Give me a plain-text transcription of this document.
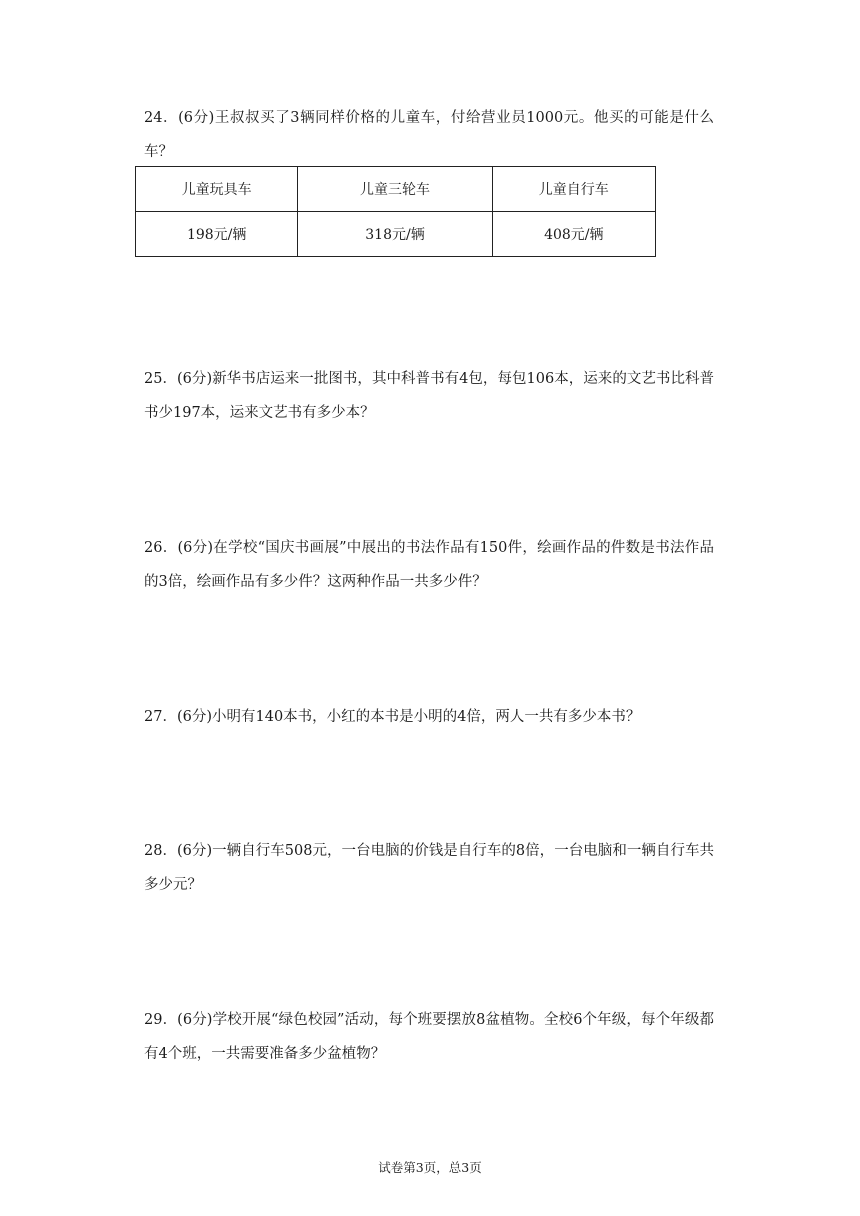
24．(6分)王叔叔买了3辆同样价格的儿童车，付给营业员1000元。他买的可能是什么车？
儿童玩具车	儿童三轮车	儿童自行车
198元/辆	318元/辆	408元/辆
25．(6分)新华书店运来一批图书，其中科普书有4包，每包106本，运来的文艺书比科普书少197本，运来文艺书有多少本？
26．(6分)在学校“国庆书画展”中展出的书法作品有150件，绘画作品的件数是书法作品的3倍，绘画作品有多少件？这两种作品一共多少件？
27．(6分)小明有140本书，小红的本书是小明的4倍，两人一共有多少本书？
28．(6分)一辆自行车508元，一台电脑的价钱是自行车的8倍，一台电脑和一辆自行车共多少元？
29．(6分)学校开展“绿色校园”活动，每个班要摆放8盆植物。全校6个年级，每个年级都有4个班，一共需要准备多少盆植物？
试卷第3页，总3页
